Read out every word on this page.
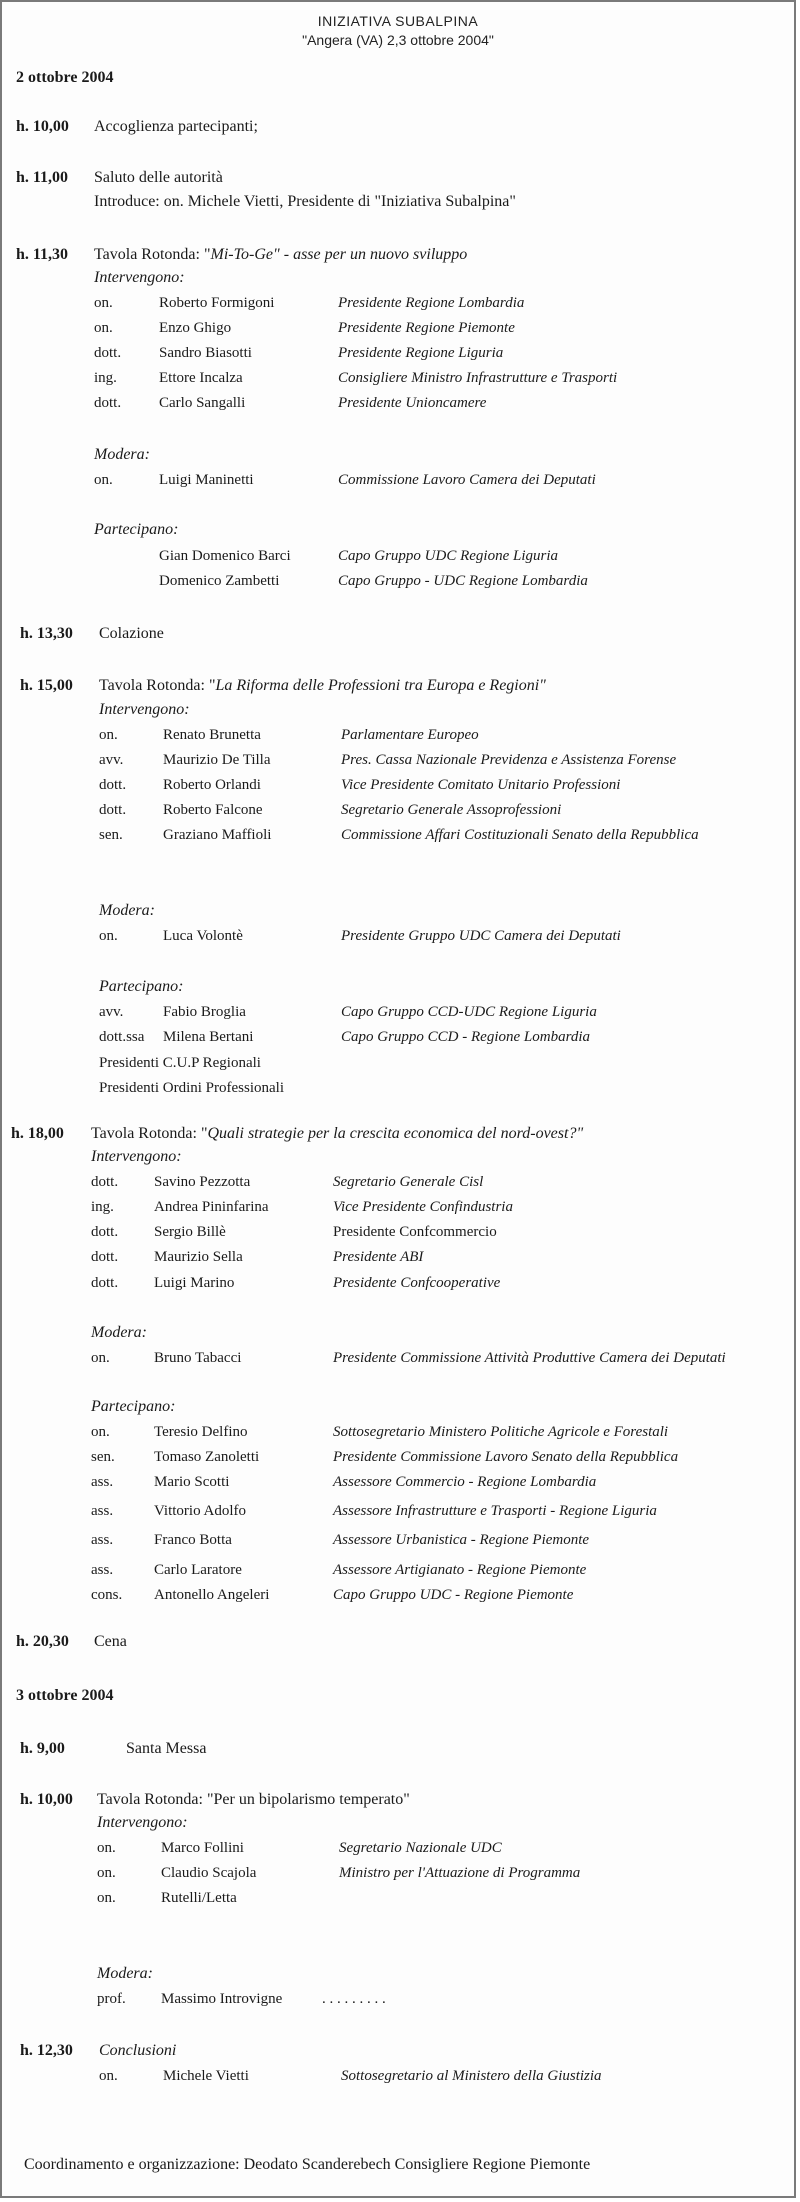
INIZIATIVA SUBALPINA
"Angera (VA) 2,3 ottobre 2004"
2 ottobre 2004
h. 10,00 Accoglienza partecipanti;
h. 11,00 Saluto delle autorità
Introduce: on. Michele Vietti, Presidente di "Iniziativa Subalpina"
h. 11,30 Tavola Rotonda: "Mi-To-Ge" - asse per un nuovo sviluppo
Intervengono:
on.	Roberto Formigoni	Presidente Regione Lombardia
on.	Enzo Ghigo	Presidente Regione Piemonte
dott.	Sandro Biasotti	Presidente Regione Liguria
ing.	Ettore Incalza	Consigliere Ministro Infrastrutture e Trasporti
dott.	Carlo Sangalli	Presidente Unioncamere
Modera:
on.	Luigi Maninetti	Commissione Lavoro Camera dei Deputati
Partecipano:
Gian Domenico Barci	Capo Gruppo UDC Regione Liguria
Domenico Zambetti	Capo Gruppo - UDC Regione Lombardia
h. 13,30 Colazione
h. 15,00 Tavola Rotonda: "La Riforma delle Professioni tra Europa e Regioni"
Intervengono:
on.	Renato Brunetta	Parlamentare Europeo
avv.	Maurizio De Tilla	Pres. Cassa Nazionale Previdenza e Assistenza Forense
dott. Roberto Orlandi	Vice Presidente Comitato Unitario Professioni
dott. Roberto Falcone	Segretario Generale Assoprofessioni
sen.	Graziano Maffioli	Commissione Affari Costituzionali Senato della Repubblica
Modera:
on.	Luca Volontè	Presidente Gruppo UDC Camera dei Deputati
Partecipano:
avv.	Fabio Broglia	Capo Gruppo CCD-UDC Regione Liguria
dott.ssa Milena Bertani	Capo Gruppo CCD - Regione Lombardia
Presidenti C.U.P Regionali
Presidenti Ordini Professionali
h. 18,00 Tavola Rotonda: "Quali strategie per la crescita economica del nord-ovest?"
Intervengono:
dott. Savino Pezzotta	Segretario Generale Cisl
ing.	Andrea Pininfarina	Vice Presidente Confindustria
dott. Sergio Billè	Presidente Confcommercio
dott. Maurizio Sella	Presidente ABI
dott. Luigi Marino	Presidente Confcooperative
Modera:
on.	Bruno Tabacci	Presidente Commissione Attività Produttive Camera dei Deputati
Partecipano:
on.	Teresio Delfino	Sottosegretario Ministero Politiche Agricole e Forestali
sen.	Tomaso Zanoletti	Presidente Commissione Lavoro Senato della Repubblica
ass.	Mario Scotti	Assessore Commercio - Regione Lombardia
ass.	Vittorio Adolfo	Assessore Infrastrutture e Trasporti - Regione Liguria
ass.	Franco Botta	Assessore Urbanistica - Regione Piemonte
ass.	Carlo Laratore	Assessore Artigianato - Regione Piemonte
cons. Antonello Angeleri	Capo Gruppo UDC - Regione Piemonte
h. 20,30 Cena
3 ottobre 2004
h. 9,00	Santa Messa
h. 10,00 Tavola Rotonda: "Per un bipolarismo temperato"
Intervengono:
on.	Marco Follini	Segretario Nazionale UDC
on.	Claudio Scajola	Ministro per l'Attuazione di Programma
on.	Rutelli/Letta
Modera:
prof. Massimo Introvigne	. . . . . . . . .
h. 12,30 Conclusioni
on.	Michele Vietti	Sottosegretario al Ministero della Giustizia
Coordinamento e organizzazione: Deodato Scanderebech Consigliere Regione Piemonte
